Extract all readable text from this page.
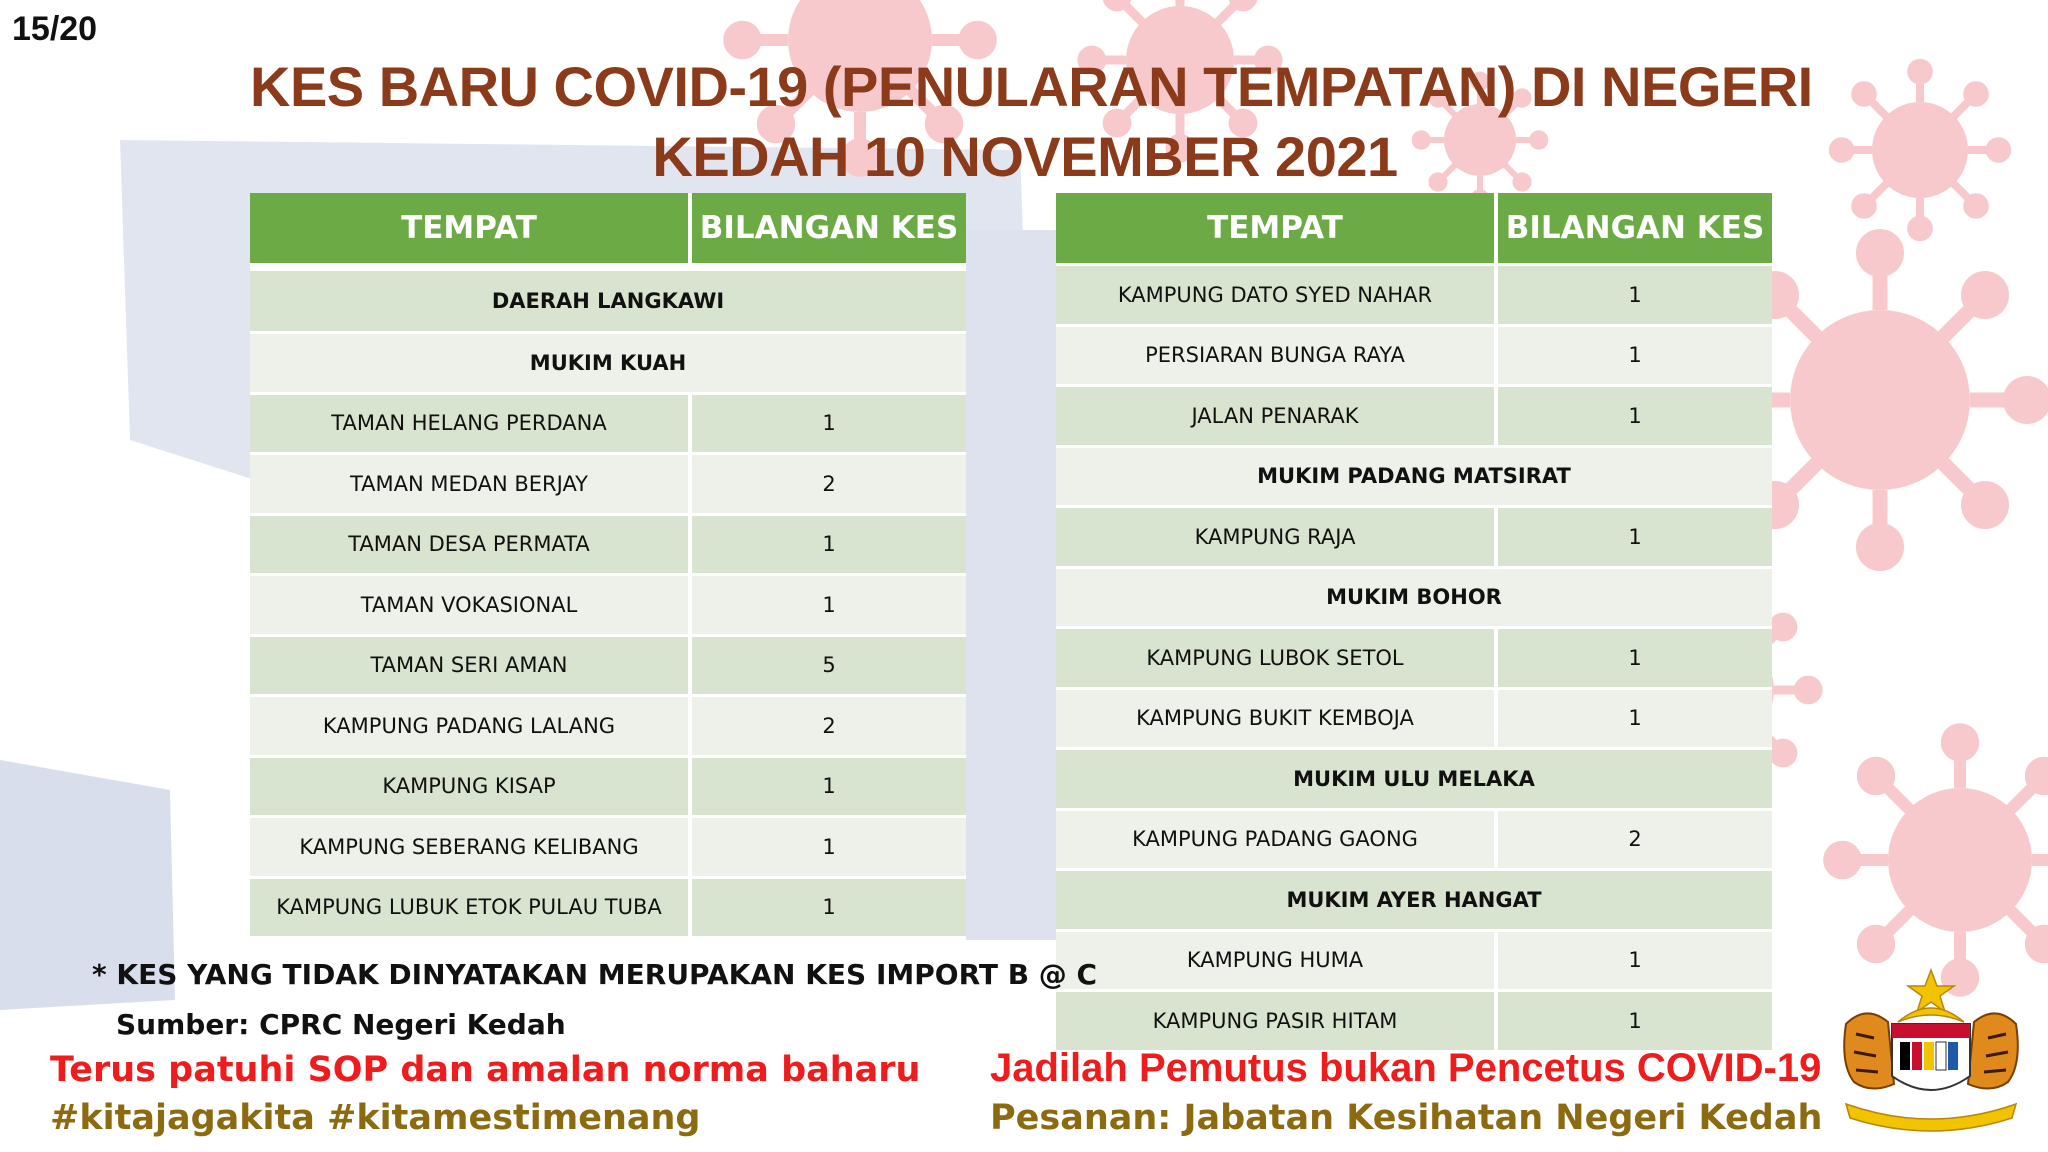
15/20
KES BARU COVID-19 (PENULARAN TEMPATAN) DI NEGERI
KEDAH 10 NOVEMBER 2021
TEMPAT	BILANGAN KES
DAERAH LANGKAWI	
MUKIM KUAH	
TAMAN HELANG PERDANA	1
TAMAN MEDAN BERJAY	2
TAMAN DESA PERMATA	1
TAMAN VOKASIONAL	1
TAMAN SERI AMAN	5
KAMPUNG PADANG LALANG	2
KAMPUNG KISAP	1
KAMPUNG SEBERANG KELIBANG	1
KAMPUNG LUBUK ETOK PULAU TUBA	1
TEMPAT	BILANGAN KES
KAMPUNG DATO SYED NAHAR	1
PERSIARAN BUNGA RAYA	1
JALAN PENARAK	1
MUKIM PADANG MATSIRAT	
KAMPUNG RAJA	1
MUKIM BOHOR	
KAMPUNG LUBOK SETOL	1
KAMPUNG BUKIT KEMBOJA	1
MUKIM ULU MELAKA	
KAMPUNG PADANG GAONG	2
MUKIM AYER HANGAT	
KAMPUNG HUMA	1
KAMPUNG PASIR HITAM	1
* KES YANG TIDAK DINYATAKAN MERUPAKAN KES IMPORT B @ C
Sumber: CPRC Negeri Kedah
Terus patuhi SOP dan amalan norma baharu
#kitajagakita #kitamestimenang
Jadilah Pemutus bukan Pencetus COVID-19
Pesanan: Jabatan Kesihatan Negeri Kedah
